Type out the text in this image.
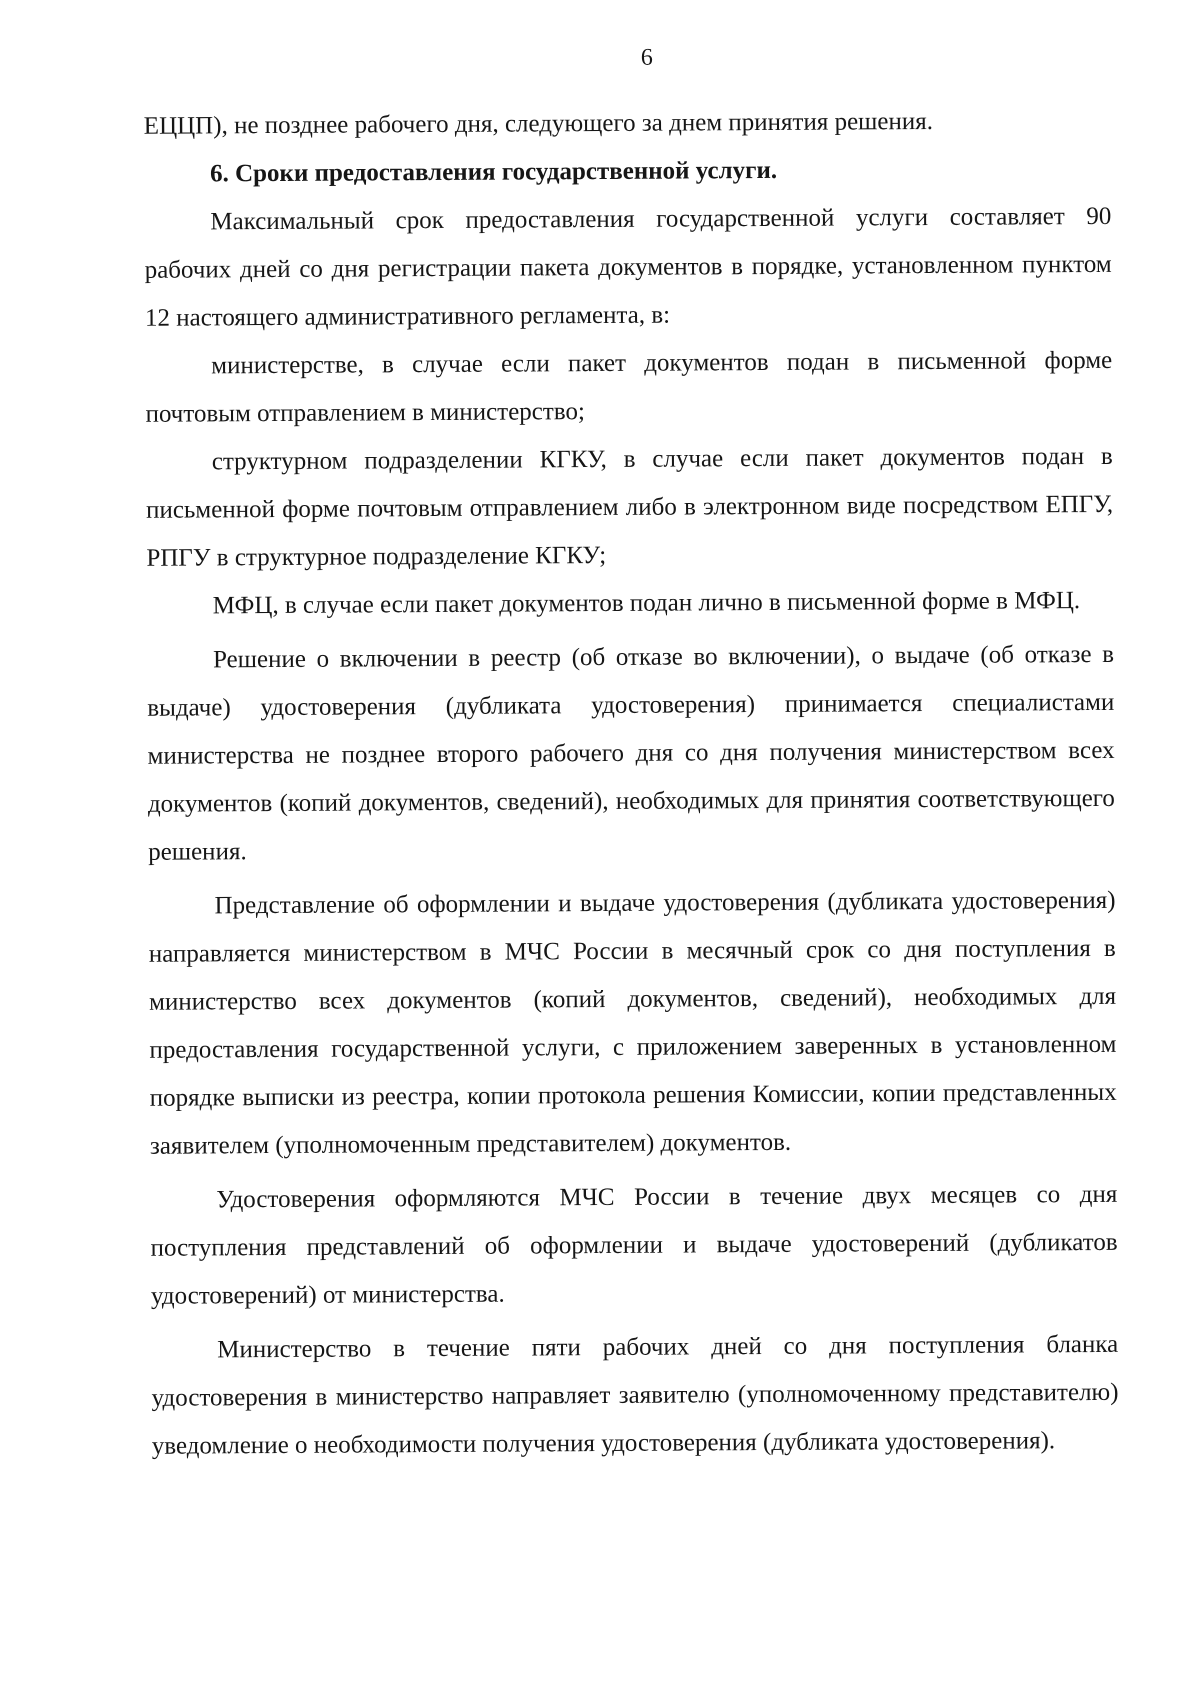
6

ЕЦЦП), не позднее рабочего дня, следующего за днем принятия решения.

6. Сроки предоставления государственной услуги.

Максимальный срок предоставления государственной услуги составляет 90 рабочих дней со дня регистрации пакета документов в порядке, установленном пунктом 12 настоящего административного регламента, в:

министерстве, в случае если пакет документов подан в письменной форме почтовым отправлением в министерство;

структурном подразделении КГКУ, в случае если пакет документов подан в письменной форме почтовым отправлением либо в электронном виде посредством ЕПГУ, РПГУ в структурное подразделение КГКУ;

МФЦ, в случае если пакет документов подан лично в письменной форме в МФЦ.

Решение о включении в реестр (об отказе во включении), о выдаче (об отказе в выдаче) удостоверения (дубликата удостоверения) принимается специалистами министерства не позднее второго рабочего дня со дня получения министерством всех документов (копий документов, сведений), необходимых для принятия соответствующего решения.

Представление об оформлении и выдаче удостоверения (дубликата удостоверения) направляется министерством в МЧС России в месячный срок со дня поступления в министерство всех документов (копий документов, сведений), необходимых для предоставления государственной услуги, с приложением заверенных в установленном порядке выписки из реестра, копии протокола решения Комиссии, копии представленных заявителем (уполномоченным представителем) документов.

Удостоверения оформляются МЧС России в течение двух месяцев со дня поступления представлений об оформлении и выдаче удостоверений (дубликатов удостоверений) от министерства.

Министерство в течение пяти рабочих дней со дня поступления бланка удостоверения в министерство направляет заявителю (уполномоченному представителю) уведомление о необходимости получения удостоверения (дубликата удостоверения).
